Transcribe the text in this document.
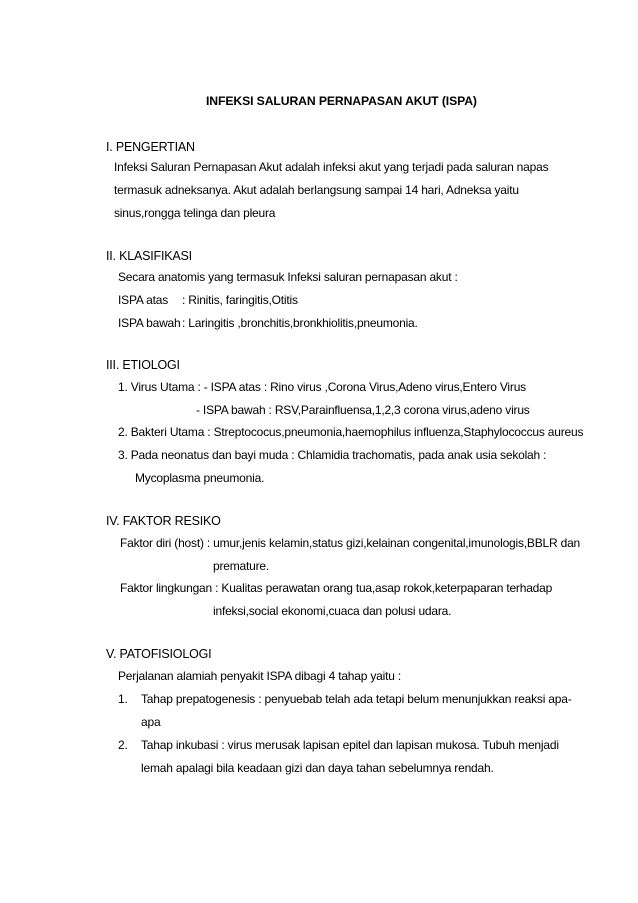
INFEKSI SALURAN PERNAPASAN AKUT (ISPA)
I. PENGERTIAN
Infeksi Saluran Pernapasan Akut adalah infeksi akut yang terjadi pada saluran napas
termasuk adneksanya. Akut adalah berlangsung sampai 14 hari, Adneksa yaitu
sinus,rongga telinga dan pleura
II. KLASIFIKASI
Secara anatomis yang termasuk Infeksi saluran pernapasan akut :
ISPA atas : Rinitis, faringitis,Otitis
ISPA bawah : Laringitis ,bronchitis,bronkhiolitis,pneumonia.
III. ETIOLOGI
1. Virus Utama : - ISPA atas : Rino virus ,Corona Virus,Adeno virus,Entero Virus
- ISPA bawah : RSV,Parainfluensa,1,2,3 corona virus,adeno virus
2. Bakteri Utama : Streptococus,pneumonia,haemophilus influenza,Staphylococcus aureus
3. Pada neonatus dan bayi muda : Chlamidia trachomatis, pada anak usia sekolah :
Mycoplasma pneumonia.
IV. FAKTOR RESIKO
Faktor diri (host) : umur,jenis kelamin,status gizi,kelainan congenital,imunologis,BBLR dan
premature.
Faktor lingkungan : Kualitas perawatan orang tua,asap rokok,keterpaparan terhadap
infeksi,social ekonomi,cuaca dan polusi udara.
V. PATOFISIOLOGI
Perjalanan alamiah penyakit ISPA dibagi 4 tahap yaitu :
1. Tahap prepatogenesis : penyuebab telah ada tetapi belum menunjukkan reaksi apa-
apa
2. Tahap inkubasi : virus merusak lapisan epitel dan lapisan mukosa. Tubuh menjadi
lemah apalagi bila keadaan gizi dan daya tahan sebelumnya rendah.
